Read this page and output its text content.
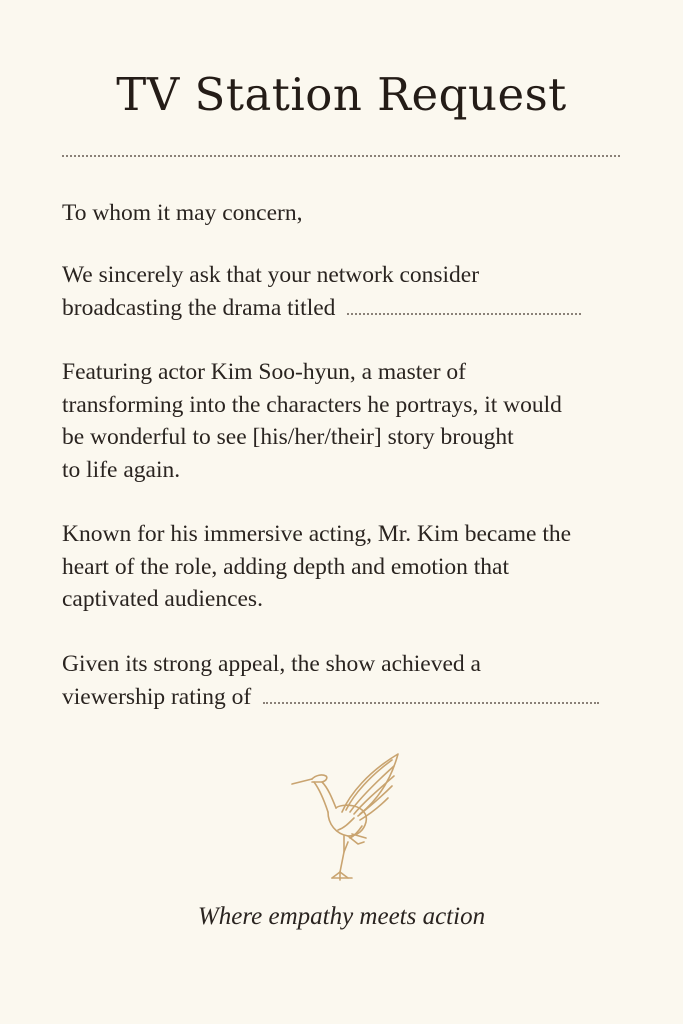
TV Station Request

To whom it may concern,

We sincerely ask that your network consider
broadcasting the drama titled
Featuring actor Kim Soo-hyun, a master of
transforming into the characters he portrays, it would
be wonderful to see [his/her/their] story brought
to life again.
Known for his immersive acting, Mr. Kim became the
heart of the role, adding depth and emotion that
captivated audiences.
Given its strong appeal, the show achieved a
viewership rating of
Where empathy meets action
